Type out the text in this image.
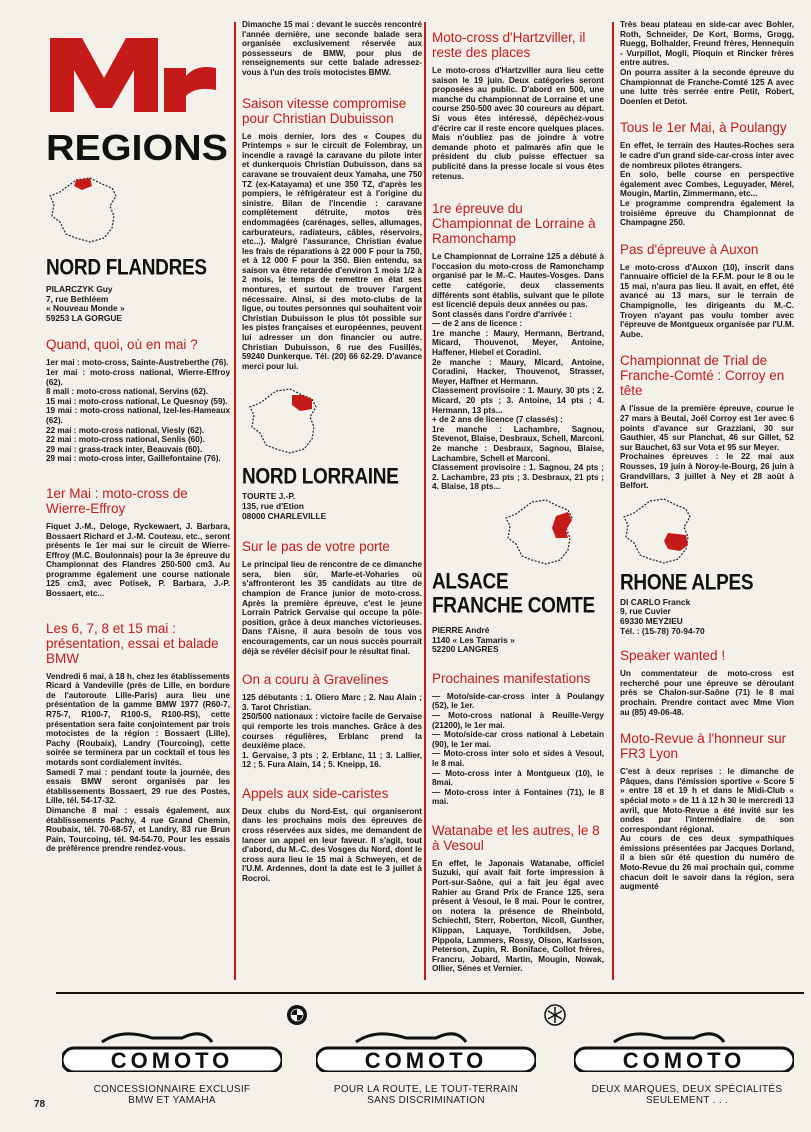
REGIONS
NORD FLANDRES
PILARCZYK Guy
7, rue Bethléem
« Nouveau Monde »
59253 LA GORGUE
Quand, quoi, où en mai ?
1er mai : moto-cross, Sainte-Austreberthe (76).
1er mai : moto-cross national, Wierre-Effroy (62).
8 mali : moto-cross national, Servins (62).
15 mai : moto-cross national, Le Quesnoy (59).
19 mai : moto-cross national, Izel-les-Hameaux (62).
22 mai : moto-cross national, Viesly (62).
22 mai : moto-cross national, Senlis (60).
29 mai : grass-track inter, Beauvais (60).
29 mai : moto-cross inter, Gaillefontaine (76).
1er Mai : moto-cross de Wierre-Effroy
Fiquet J.-M., Deloge, Ryckewaert, J. Barbara, Bossaert Richard et J.-M. Couteau, etc., seront présents le 1er mai sur le circuit de Wierre-Effroy (M.C. Boulonnais) pour la 3e épreuve du Championnat des Flandres 250-500 cm3. Au programme également une course nationale 125 cm3, avec Potisek, P. Barbara, J.-P. Bossaert, etc...
Les 6, 7, 8 et 15 mai : présentation, essai et balade BMW
Vendredi 6 mai, à 18 h, chez les établissements Ricard à Vandeville (près de Lille, en bordure de l'autoroute Lille-Paris) aura lieu une présentation de la gamme BMW 1977 (R60-7, R75-7, R100-7, R100-S, R100-RS), cette présentation sera faite conjointement par trois motocistes de la région : Bossaert (Lille), Pachy (Roubaix), Landry (Tourcoing), cette soirée se terminera par un cocktail et tous les motards sont cordialement invités.
Samedi 7 mai : pendant toute la journée, des essais BMW seront organisés par les établissements Bossaert, 29 rue des Postes, Lille, tél. 54-17-32.
Dimanche 8 mai : essais également, aux établissements Pachy, 4 rue Grand Chemin, Roubaix, tél. 70-68-57, et Landry, 83 rue Brun Pain, Tourcoing, tél. 94-54-70. Pour les essais de préférence prendre rendez-vous.
Dimanche 15 mai : devant le succès rencontré l'année dernière, une seconde balade sera organisée exclusivement réservée aux possesseurs de BMW, pour plus de renseignements sur cette balade adressez-vous à l'un des trois motocistes BMW.
Saison vitesse compromise pour Christian Dubuisson
Le mois dernier, lors des « Coupes du Printemps » sur le circuit de Folembray, un incendie a ravagé la caravane du pilote inter et dunkerquois Christian Dubuisson, dans sa caravane se trouvaient deux Yamaha, une 750 TZ (ex-Katayama) et une 350 TZ, d'après les pompiers, le réfrigérateur est à l'origine du sinistre. Bilan de l'incendie : caravane complètement détruite, motos très endommagées (carénages, selles, allumages, carburateurs, radiateurs, câbles, réservoirs, etc...). Malgré l'assurance, Christian évalue les frais de réparations à 22 000 F pour la 750, et à 12 000 F pour la 350. Bien entendu, sa saison va être retardée d'environ 1 mois 1/2 à 2 mois, le temps de remettre en état ses montures, et surtout de trouver l'argent nécessaire. Ainsi, si des moto-clubs de la ligue, ou toutes personnes qui souhaitent voir Christian Dubuisson le plus tôt possible sur les pistes françaises et européennes, peuvent lui adresser un don financier ou autre. Christian Dubuisson, 6 rue des Fusillés, 59240 Dunkerque. Tél. (20) 66 62-29. D'avance merci pour lui.
NORD LORRAINE
TOURTE J.-P.
135, rue d'Etion
08000 CHARLEVILLE
Sur le pas de votre porte
Le principal lieu de rencontre de ce dimanche sera, bien sûr, Marle-et-Voharies où s'affronteront les 35 candidats au titre de champion de France junior de moto-cross. Après la première épreuve, c'est le jeune Lorrain Patrick Gervaise qui occupe la pôle-position, grâce à deux manches victorieuses. Dans l'Aisne, il aura besoin de tous vos encouragements, car un nous succès pourrait déjà se révéler décisif pour le résultat final.
On a couru à Gravelines
125 débutants : 1. Oliero Marc ; 2. Nau Alain ; 3. Tarot Christian.
250/500 nationaux : victoire facile de Gervaise qui remporte les trois manches. Grâce à des courses régulières, Erblanc prend la deuxième place.
1. Gervaise, 3 pts ; 2. Erblanc, 11 ; 3. Lallier, 12 ; 5. Fura Alain, 14 ; 5. Kneipp, 16.
Appels aux side-caristes
Deux clubs du Nord-Est, qui organiseront dans les prochains mois des épreuves de cross réservées aux sides, me demandent de lancer un appel en leur faveur. Il s'agit, tout d'abord, du M.-C. des Vosges du Nord, dont le cross aura lieu le 15 mai à Schweyen, et de l'U.M. Ardennes, dont la date est le 3 juillet à Rocroi.
Moto-cross d'Hartzviller, il reste des places
Le moto-cross d'Hartzviller aura lieu cette saison le 19 juin. Deux catégories seront proposées au public. D'abord en 500, une manche du championnat de Lorraine et une course 250-500 avec 30 coureurs au départ. Si vous êtes intéressé, dépêchez-vous d'écrire car il reste encore quelques places. Mais n'oubliez pas de joindre à votre demande photo et palmarès afin que le président du club puisse effectuer sa publicité dans la presse locale si vous êtes retenus.
1re épreuve du Championnat de Lorraine à Ramonchamp
Le Championnat de Lorraine 125 a débuté à l'occasion du moto-cross de Ramonchamp organisé par le M.-C. Hautes-Vosges. Dans cette catégorie, deux classements différents sont établis, suivant que le pilote est licencié depuis deux années ou pas.
Sont classés dans l'ordre d'arrivée :
— de 2 ans de licence :
1re manche : Maury, Hermann, Bertrand, Micard, Thouvenot, Meyer, Antoine, Haffener, Hiebel et Coradini.
2e manche : Maury, Micard, Antoine, Coradini, Hacker, Thouvenot, Strasser, Meyer, Haffner et Hermann.
Classement provisoire : 1. Maury, 30 pts ; 2. Micard, 20 pts ; 3. Antoine, 14 pts ; 4. Hermann, 13 pts...
+ de 2 ans de licence (7 classés) :
1re manche : Lachambre, Sagnou, Stevenot, Blaise, Desbraux, Schell, Marconi.
2e manche : Desbraux, Sagnou, Blaise, Lachambre, Schell et Marconi.
Classement provisoire : 1. Sagnou, 24 pts ; 2. Lachambre, 23 pts ; 3. Desbraux, 21 pts ; 4. Blaise, 18 pts...
ALSACE FRANCHE COMTE
PIERRE André
1140 « Les Tamaris »
52200 LANGRES
Prochaines manifestations
— Moto/side-car-cross inter à Poulangy (52), le 1er.
— Moto-cross national à Reuille-Vergy (21200), le 1er mai.
— Moto/side-car cross national à Lebetain (90), le 1er mai.
— Moto-cross inter solo et sides à Vesoul, le 8 mai.
— Moto-cross inter à Montgueux (10), le 8mai.
— Moto-cross inter à Fontaines (71), le 8 mai.
Watanabe et les autres, le 8 à Vesoul
En effet, le Japonais Watanabe, officiel Suzuki, qui avait fait forte impression à Port-sur-Saône, qui a fait jeu égal avec Rahier au Grand Prix de France 125, sera présent à Vesoul, le 8 mai. Pour le contrer, on notera la présence de Rheinbold, Schiechtl, Sterr, Roberton, Nicoll, Gunther, Klippan, Laquaye, Tordkildsen, Jobe, Pippola, Lammers, Rossy, Olson, Karlsson, Peterson, Zupin, R. Boniface, Collot frères, Francru, Jobard, Martin, Mougin, Nowak, Ollier, Sénes et Vernier.
Très beau plateau en side-car avec Bohler, Roth, Schneider, De Kort, Borms, Grogg, Ruegg, Bolhalder, Freund frères, Hennequin - Vurpillot, Mogli, Pîoquin et Rincker frères entre autres.
On pourra assiter à la seconde épreuve du Championnat de Franche-Comté 125 A avec une lutte très serrée entre Petit, Robert, Doenlen et Detot.
Tous le 1er Mai, à Poulangy
En effet, le terrain des Hautes-Roches sera le cadre d'un grand side-car-cross inter avec de nombreux pilotes étrangers.
En solo, belle course en perspective également avec Combes, Leguyader, Mérel, Mougin, Martin, Zimmermann, etc...
Le programme comprendra également la troisième épreuve du Championnat de Champagne 250.
Pas d'épreuve à Auxon
Le moto-cross d'Auxon (10), inscrit dans l'annuaire officiel de la F.F.M. pour le 8 ou le 15 mai, n'aura pas lieu. Il avait, en effet, été avancé au 13 mars, sur le terrain de Champignolle, les dirigeants du M.-C. Troyen n'ayant pas voulu tomber avec l'épreuve de Montgueux organisée par l'U.M. Aube.
Championnat de Trial de Franche-Comté : Corroy en tête
A l'issue de la première épreuve, courue le 27 mars à Beutal, Joël Corroy est 1er avec 6 points d'avance sur Grazziani, 30 sur Gauthier, 45 sur Planchat, 46 sur Gillet, 52 sur Bauchet, 63 sur Vota et 95 sur Meyer.
Prochaines épreuves : le 22 mai aux Rousses, 19 juin à Noroy-le-Bourg, 26 juin à Grandvillars, 3 juillet à Ney et 28 août à Belfort.
RHONE ALPES
DI CARLO Franck
9, rue Cuvier
69330 MEYZIEU
Tél. : (15-78) 70-94-70
Speaker wanted !
Un commentateur de moto-cross est recherché pour une épreuve se déroulant près se Chalon-sur-Saône (71) le 8 mai prochain. Prendre contact avec Mme Vion au (85) 49-06-48.
Moto-Revue à l'honneur sur FR3 Lyon
C'est à deux reprises : le dimanche de Pâques, dans l'émission sportive « Score 5 » entre 18 et 19 h et dans le Midi-Club « spécial moto » de 11 à 12 h 30 le mercredi 13 avril, que Moto-Revue a été invité sur les ondes par l'intermédiaire de son correspondant régional.
Au cours de ces deux sympathiques émissions présentées par Jacques Dorland, il a bien sûr été question du numéro de Moto-Revue du 26 mai prochain qui, comme chacun doit le savoir dans la région, sera augmenté
COMOTO	COMOTO	COMOTO
CONCESSIONNAIRE EXCLUSIF
BMW ET YAMAHA
POUR LA ROUTE, LE TOUT-TERRAIN
SANS DISCRIMINATION
DEUX MARQUES, DEUX SPÉCIALITÉS
SEULEMENT . . .
78
